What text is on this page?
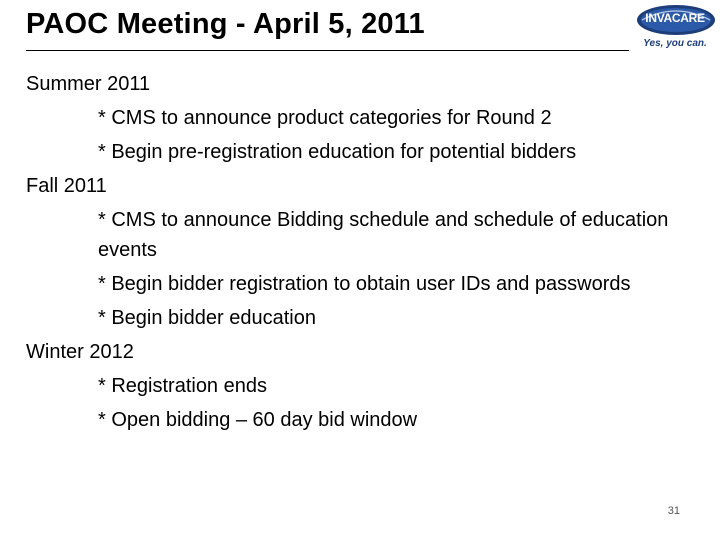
PAOC Meeting - April 5, 2011	INVACARE
Yes, you can.
Summer 2011
* CMS to announce product categories for Round 2
* Begin pre-registration education for potential bidders
Fall 2011
* CMS to announce Bidding schedule and schedule of education events
* Begin bidder registration to obtain user IDs and passwords
* Begin bidder education
Winter 2012
* Registration ends
* Open bidding – 60 day bid window
31
